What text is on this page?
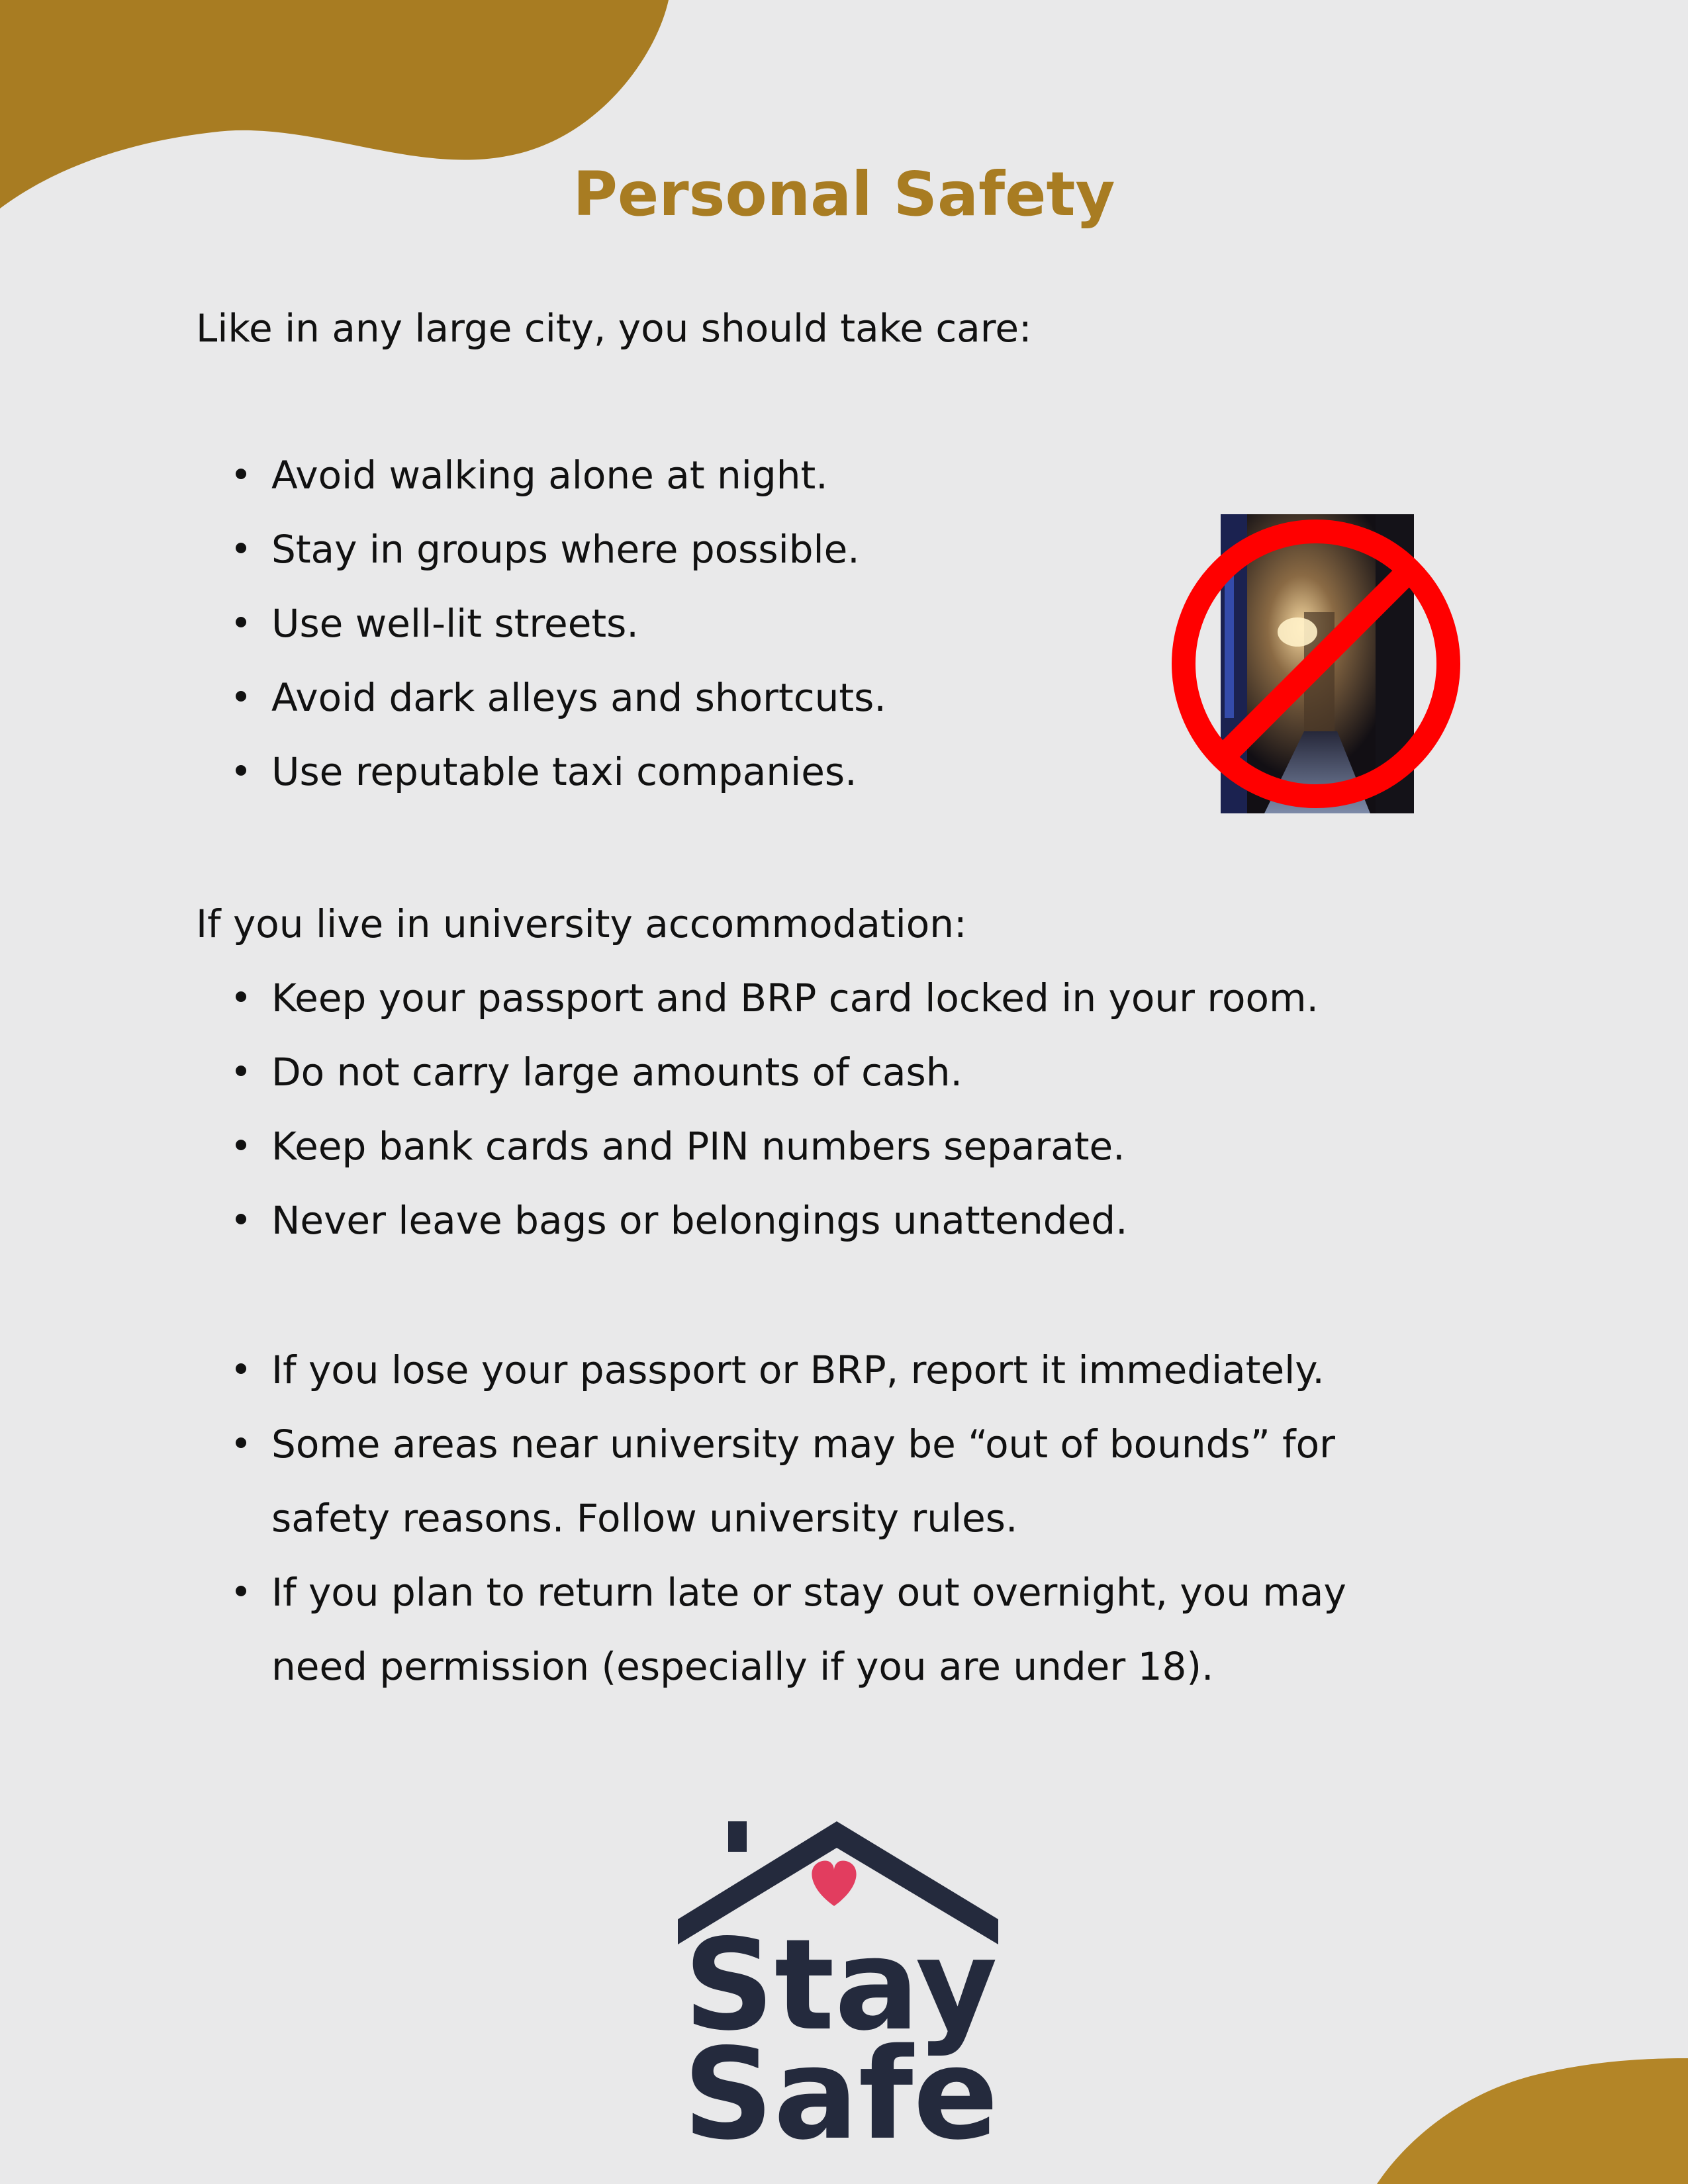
Personal Safety

Like in any large city, you should take care:

Avoid walking alone at night.
Stay in groups where possible.
Use well-lit streets.
Avoid dark alleys and shortcuts.
Use reputable taxi companies.

If you live in university accommodation:

Keep your passport and BRP card locked in your room.
Do not carry large amounts of cash.
Keep bank cards and PIN numbers separate.
Never leave bags or belongings unattended.
If you lose your passport or BRP, report it immediately.
Some areas near university may be “out of bounds” for safety reasons. Follow university rules.
If you plan to return late or stay out overnight, you may need permission (especially if you are under 18).
Stay
Safe
